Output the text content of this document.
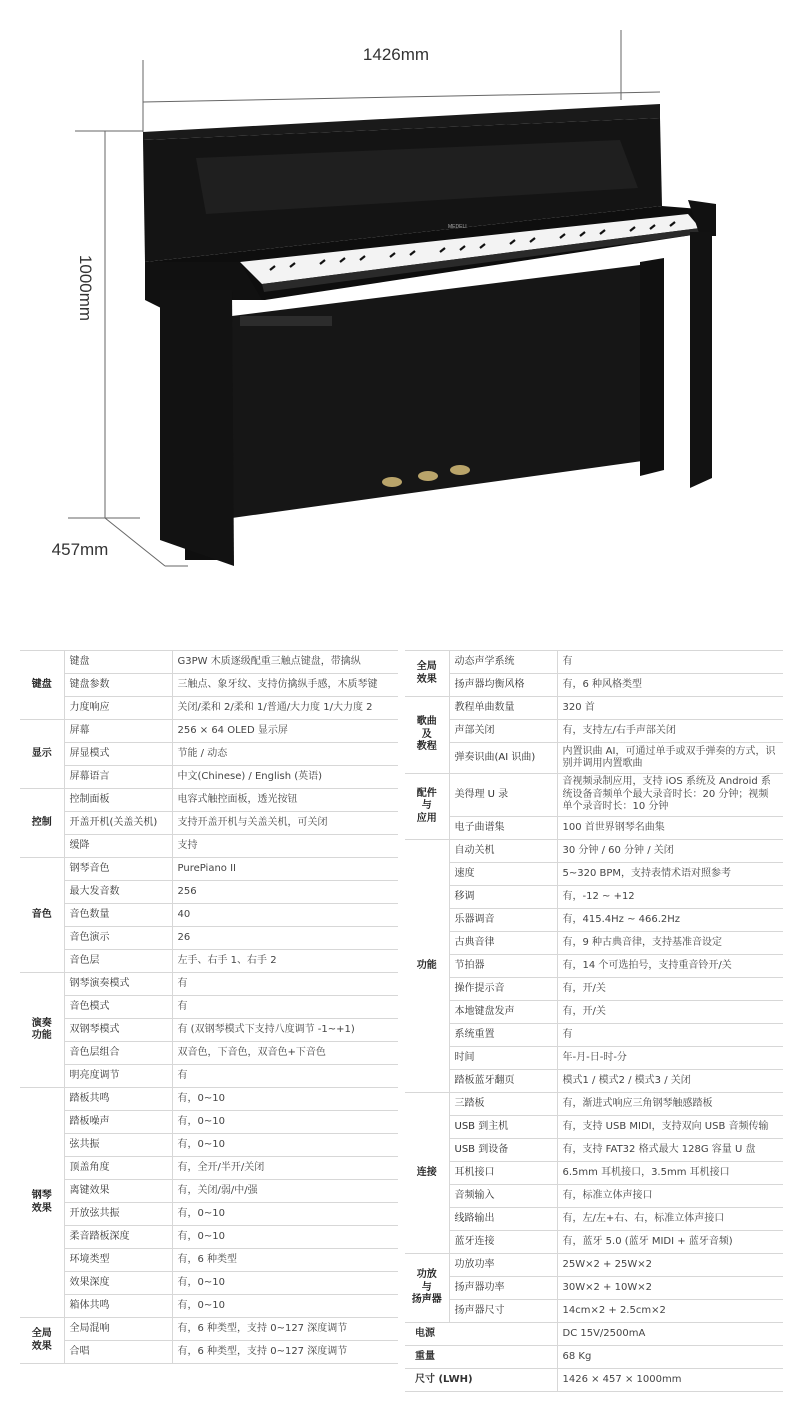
1426mm
1000mm
457mm
MEDELI
键盘	键盘	G3PW 木质逐级配重三触点键盘，带擒纵
	键盘参数	三触点、象牙纹、支持仿擒纵手感，木质琴键
	力度响应	关闭/柔和 2/柔和 1/普通/大力度 1/大力度 2
显示	屏幕	256 × 64 OLED 显示屏
	屏显模式	节能 / 动态
	屏幕语言	中文(Chinese) / English (英语)
控制	控制面板	电容式触控面板，透光按钮
	开盖开机(关盖关机)	支持开盖开机与关盖关机，可关闭
	缓降	支持
音色	钢琴音色	PurePiano II
	最大发音数	256
	音色数量	40
	音色演示	26
	音色层	左手、右手 1、右手 2
演奏
功能	钢琴演奏模式	有
	音色模式	有
	双钢琴模式	有 (双钢琴模式下支持八度调节 -1~+1)
	音色层组合	双音色，下音色，双音色+下音色
	明亮度调节	有
钢琴
效果	踏板共鸣	有，0~10
	踏板噪声	有，0~10
	弦共振	有，0~10
	顶盖角度	有，全开/半开/关闭
	离键效果	有，关闭/弱/中/强
	开放弦共振	有，0~10
	柔音踏板深度	有，0~10
	环境类型	有，6 种类型
	效果深度	有，0~10
	箱体共鸣	有，0~10
全局
效果	全局混响	有，6 种类型，支持 0~127 深度调节
	合唱	有，6 种类型，支持 0~127 深度调节
全局
效果	动态声学系统	有
	扬声器均衡风格	有，6 种风格类型
歌曲
及
教程	教程单曲数量	320 首
	声部关闭	有，支持左/右手声部关闭
	弹奏识曲(AI 识曲)	内置识曲 AI，可通过单手或双手弹奏的方式，识别并调用内置歌曲
配件
与
应用	美得理 U 录	音视频录制应用，支持 iOS 系统及 Android 系统设备音频单个最大录音时长：20 分钟；视频单个录音时长：10 分钟
	电子曲谱集	100 首世界钢琴名曲集
功能	自动关机	30 分钟 / 60 分钟 / 关闭
	速度	5~320 BPM，支持表情术语对照参考
	移调	有，-12 ~ +12
	乐器调音	有，415.4Hz ~ 466.2Hz
	古典音律	有，9 种古典音律，支持基准音设定
	节拍器	有，14 个可选拍号，支持重音铃开/关
	操作提示音	有，开/关
	本地键盘发声	有，开/关
	系统重置	有
	时间	年-月-日-时-分
	踏板蓝牙翻页	模式1 / 模式2 / 模式3 / 关闭
连接	三踏板	有，渐进式响应三角钢琴触感踏板
	USB 到主机	有，支持 USB MIDI，支持双向 USB 音频传输
	USB 到设备	有，支持 FAT32 格式最大 128G 容量 U 盘
	耳机接口	6.5mm 耳机接口，3.5mm 耳机接口
	音频输入	有，标准立体声接口
	线路输出	有，左/左+右、右，标准立体声接口
	蓝牙连接	有，蓝牙 5.0 (蓝牙 MIDI + 蓝牙音频)
功放
与
扬声器	功放功率	25W×2 + 25W×2
	扬声器功率	30W×2 + 10W×2
	扬声器尺寸	14cm×2 + 2.5cm×2
电源		DC 15V/2500mA
重量		68 Kg
尺寸 (LWH)		1426 × 457 × 1000mm
